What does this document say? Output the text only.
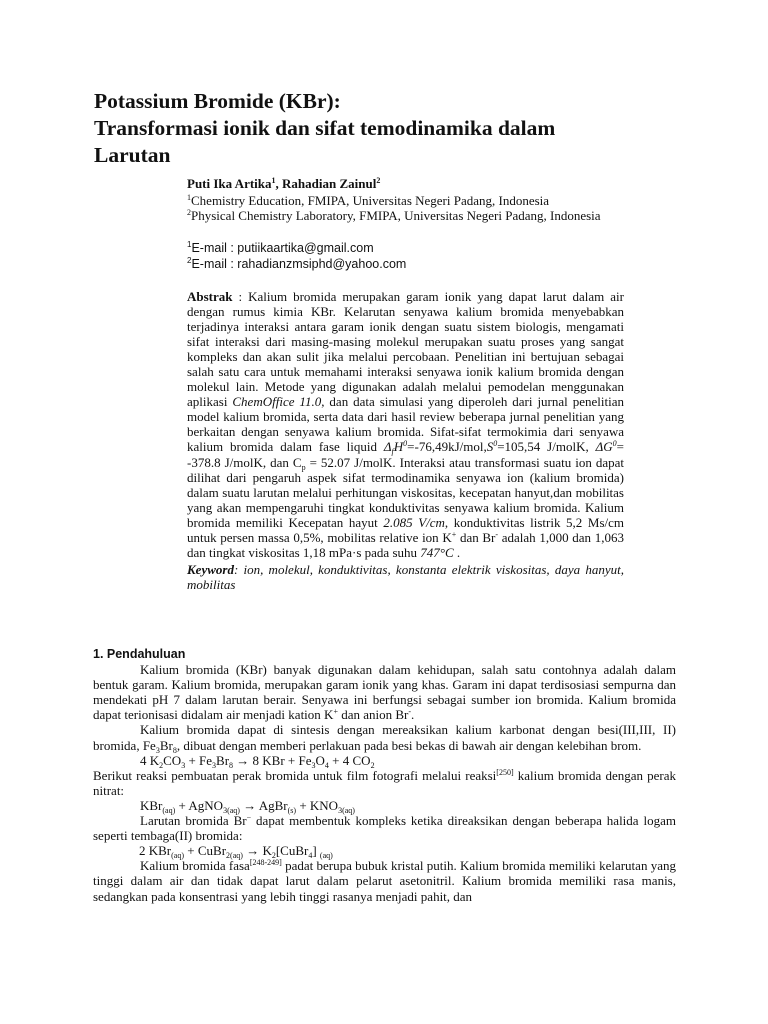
Potassium Bromide (KBr):
Transformasi ionik dan sifat temodinamika dalam
Larutan
Puti Ika Artika$^1$, Rahadian Zainul$^2$
$^1$Chemistry Education, FMIPA, Universitas Negeri Padang, Indonesia
$^2$Physical Chemistry Laboratory, FMIPA, Universitas Negeri Padang, Indonesia
$^1$E-mail : putiikaartika@gmail.com
$^2$E-mail : rahadianzmsiphd@yahoo.com

Abstrak : Kalium bromida merupakan garam ionik yang dapat larut dalam air dengan rumus kimia KBr. Kelarutan senyawa kalium bromida menyebabkan terjadinya interaksi antara garam ionik dengan suatu sistem biologis, mengamati sifat interaksi dari masing-masing molekul merupakan suatu proses yang sangat kompleks dan akan sulit jika melalui percobaan. Penelitian ini bertujuan sebagai salah satu cara untuk memahami interaksi senyawa ionik kalium bromida dengan molekul lain. Metode yang digunakan adalah melalui pemodelan menggunakan aplikasi ChemOffice 11.0, dan data simulasi yang diperoleh dari jurnal penelitian model kalium bromida, serta data dari hasil review beberapa jurnal penelitian yang berkaitan dengan senyawa kalium bromida. Sifat-sifat termokimia dari senyawa kalium bromida dalam fase liquid $\Delta_fH^0=-76,49kJ/mol,S^0=105,54$ J/molK, $\Delta G^0= -378.8$ J/molK, dan $C_p = 52.07$ J/molK. Interaksi atau transformasi suatu ion dapat dilihat dari pengaruh aspek sifat termodinamika senyawa ion (kalium bromida) dalam suatu larutan melalui perhitungan viskositas, kecepatan hanyut,dan mobilitas yang akan mempengaruhi tingkat konduktivitas senyawa kalium bromida. Kalium bromida memiliki Kecepatan hayut 2.085 V/cm, konduktivitas listrik 5,2 Ms/cm untuk persen massa 0,5%, mobilitas relative ion K+ dan Br- adalah 1,000 dan 1,063 dan tingkat viskositas 1,18 mPa·s pada suhu 747°C .

Keyword: ion, molekul, konduktivitas, konstanta elektrik viskositas, daya hanyut, mobilitas

1. Pendahuluan

Kalium bromida (KBr) banyak digunakan dalam kehidupan, salah satu contohnya adalah dalam bentuk garam. Kalium bromida, merupakan garam ionik yang khas. Garam ini dapat terdisosiasi sempurna dan mendekati pH 7 dalam larutan berair. Senyawa ini berfungsi sebagai sumber ion bromida. Kalium bromida dapat terionisasi didalam air menjadi kation K+ dan anion Br-.

Kalium bromida dapat di sintesis dengan mereaksikan kalium karbonat dengan besi(III,III, II) bromida, $Fe_3Br_8$, dibuat dengan memberi perlakuan pada besi bekas di bawah air dengan kelebihan brom.

4 $K_2CO_3 + Fe_3Br_8 \to 8$ KBr + $Fe_3O_4 + 4$ $CO_2$

Berikut reaksi pembuatan perak bromida untuk film fotografi melalui reaksi[250] kalium bromida dengan perak nitrat:

KBr$_{(aq)}$ + AgNO$_{3(aq)}$ → AgBr$_{(s)}$ + $KNO_{3(aq)}$

Larutan bromida Br− dapat membentuk kompleks ketika direaksikan dengan beberapa halida logam seperti tembaga(II) bromida:

2 KBr$_{(aq)}$ + CuBr$_{2(aq)}$ → $K_2[CuBr_4]$ $_{(aq)}$

Kalium bromida fasa[248-249] padat berupa bubuk kristal putih. Kalium bromida memiliki kelarutan yang tinggi dalam air dan tidak dapat larut dalam pelarut asetonitril. Kalium bromida memiliki rasa manis, sedangkan pada konsentrasi yang lebih tinggi rasanya menjadi pahit, dan
